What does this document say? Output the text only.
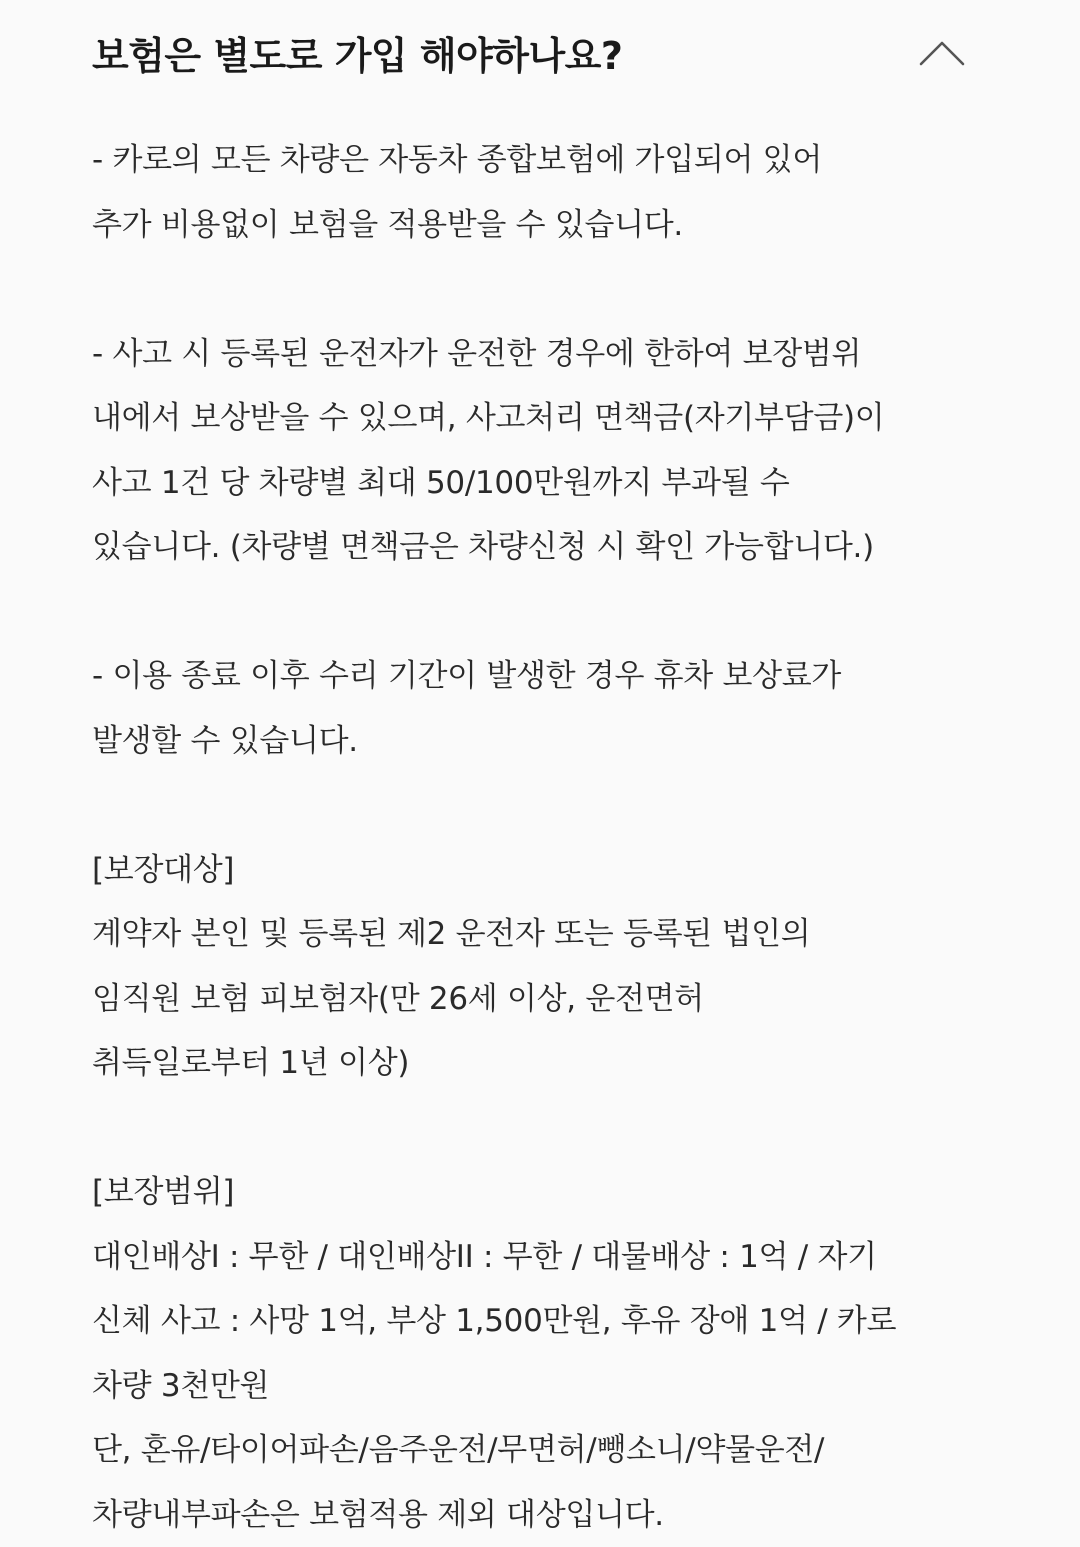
보험은 별도로 가입 해야하나요?
- 카로의 모든 차량은 자동차 종합보험에 가입되어 있어
추가 비용없이 보험을 적용받을 수 있습니다.
- 사고 시 등록된 운전자가 운전한 경우에 한하여 보장범위
내에서 보상받을 수 있으며, 사고처리 면책금(자기부담금)이
사고 1건 당 차량별 최대 50/100만원까지 부과될 수
있습니다. (차량별 면책금은 차량신청 시 확인 가능합니다.)
- 이용 종료 이후 수리 기간이 발생한 경우 휴차 보상료가
발생할 수 있습니다.
[보장대상]
계약자 본인 및 등록된 제2 운전자 또는 등록된 법인의
임직원 보험 피보험자(만 26세 이상, 운전면허
취득일로부터 1년 이상)
[보장범위]
대인배상I : 무한 / 대인배상II : 무한 / 대물배상 : 1억 / 자기
신체 사고 : 사망 1억, 부상 1,500만원, 후유 장애 1억 / 카로
차량 3천만원
단, 혼유/타이어파손/음주운전/무면허/뺑소니/약물운전/
차량내부파손은 보험적용 제외 대상입니다.
